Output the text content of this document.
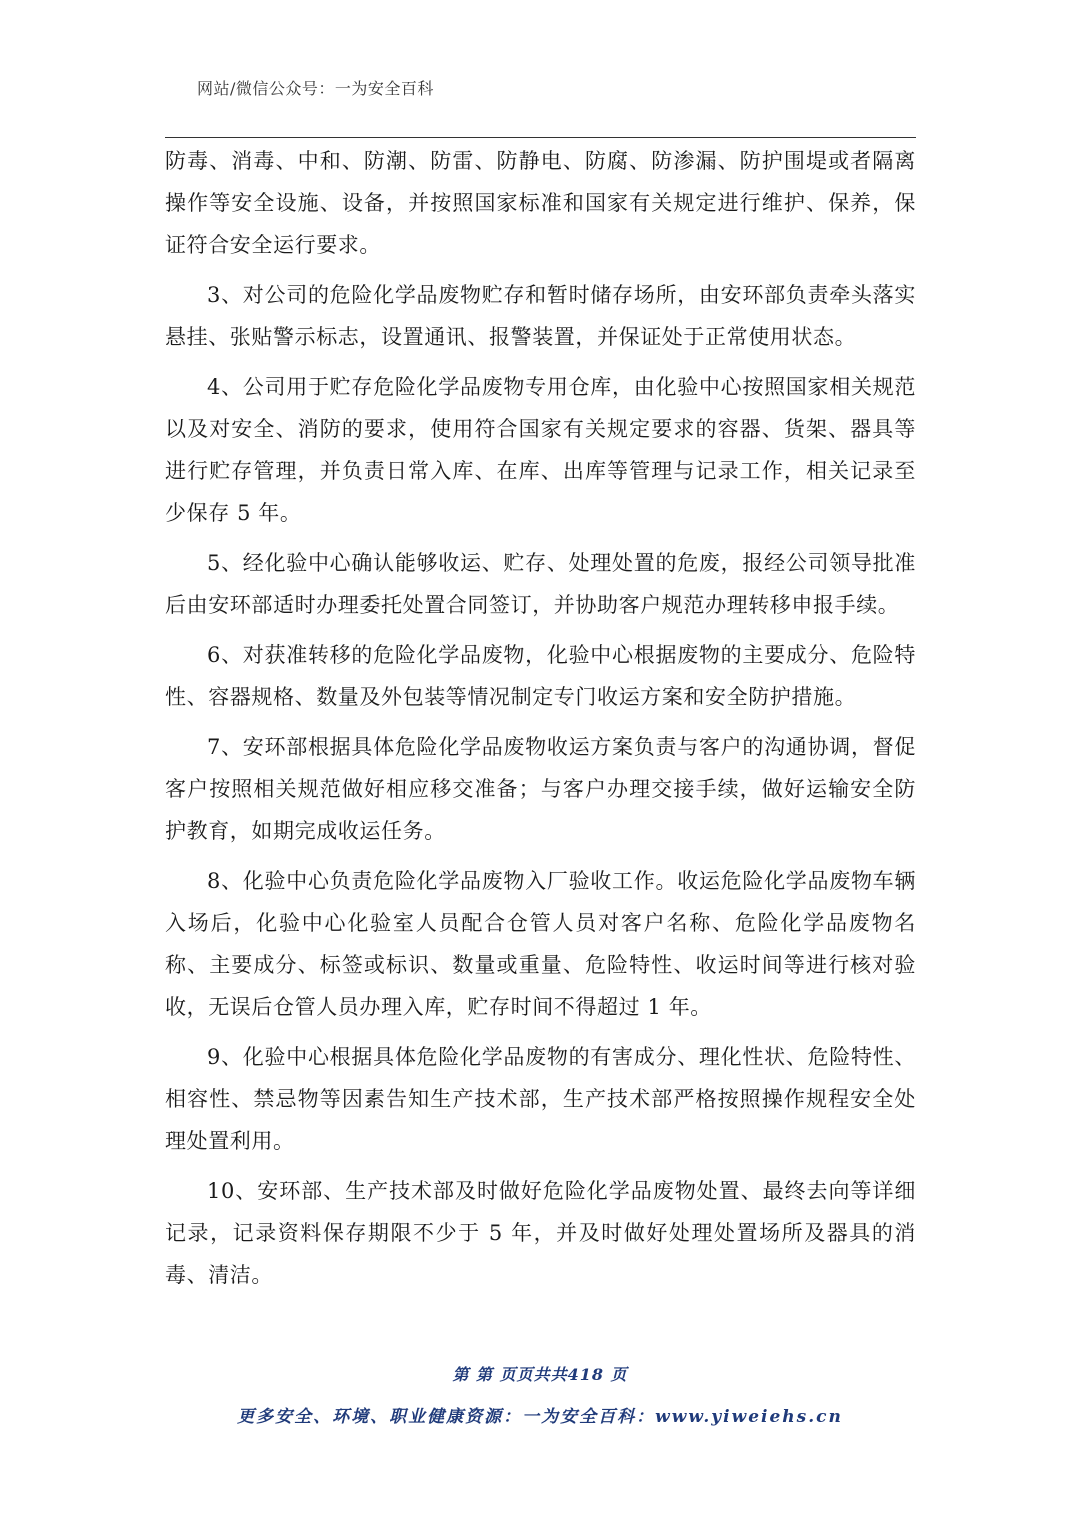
网站/微信公众号：一为安全百科

防毒、消毒、中和、防潮、防雷、防静电、防腐、防渗漏、防护围堤或者隔离操作等安全设施、设备，并按照国家标准和国家有关规定进行维护、保养，保证符合安全运行要求。

3、对公司的危险化学品废物贮存和暂时储存场所，由安环部负责牵头落实悬挂、张贴警示标志，设置通讯、报警装置，并保证处于正常使用状态。

4、公司用于贮存危险化学品废物专用仓库，由化验中心按照国家相关规范以及对安全、消防的要求，使用符合国家有关规定要求的容器、货架、器具等进行贮存管理，并负责日常入库、在库、出库等管理与记录工作，相关记录至少保存 5 年。

5、经化验中心确认能够收运、贮存、处理处置的危废，报经公司领导批准后由安环部适时办理委托处置合同签订，并协助客户规范办理转移申报手续。

6、对获准转移的危险化学品废物，化验中心根据废物的主要成分、危险特性、容器规格、数量及外包装等情况制定专门收运方案和安全防护措施。

7、安环部根据具体危险化学品废物收运方案负责与客户的沟通协调，督促客户按照相关规范做好相应移交准备；与客户办理交接手续，做好运输安全防护教育，如期完成收运任务。

8、化验中心负责危险化学品废物入厂验收工作。收运危险化学品废物车辆入场后，化验中心化验室人员配合仓管人员对客户名称、危险化学品废物名称、主要成分、标签或标识、数量或重量、危险特性、收运时间等进行核对验收，无误后仓管人员办理入库，贮存时间不得超过 1 年。

9、化验中心根据具体危险化学品废物的有害成分、理化性状、危险特性、相容性、禁忌物等因素告知生产技术部，生产技术部严格按照操作规程安全处理处置利用。

10、安环部、生产技术部及时做好危险化学品废物处置、最终去向等详细记录，记录资料保存期限不少于 5 年，并及时做好处理处置场所及器具的消毒、清洁。

第 第 页页共共418 页
更多安全、环境、职业健康资源：一为安全百科：www.yiweiehs.cn
